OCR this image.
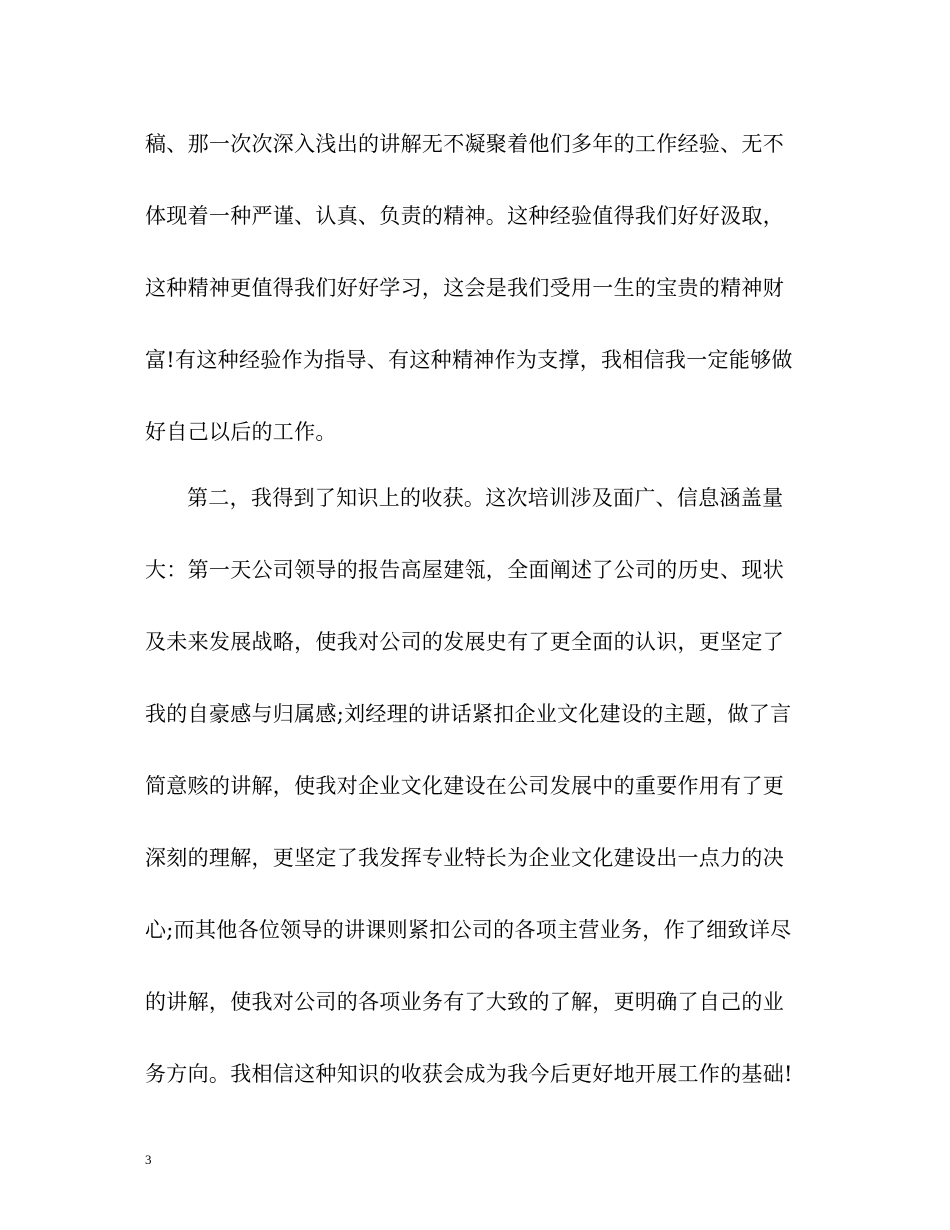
稿、那一次次深入浅出的讲解无不凝聚着他们多年的工作经验、无不
体现着一种严谨、认真、负责的精神。这种经验值得我们好好汲取，
这种精神更值得我们好好学习，这会是我们受用一生的宝贵的精神财
富!有这种经验作为指导、有这种精神作为支撑，我相信我一定能够做
好自己以后的工作。
第二，我得到了知识上的收获。这次培训涉及面广、信息涵盖量
大：第一天公司领导的报告高屋建瓴，全面阐述了公司的历史、现状
及未来发展战略，使我对公司的发展史有了更全面的认识，更坚定了
我的自豪感与归属感;刘经理的讲话紧扣企业文化建设的主题，做了言
简意赅的讲解，使我对企业文化建设在公司发展中的重要作用有了更
深刻的理解，更坚定了我发挥专业特长为企业文化建设出一点力的决
心;而其他各位领导的讲课则紧扣公司的各项主营业务，作了细致详尽
的讲解，使我对公司的各项业务有了大致的了解，更明确了自己的业
务方向。我相信这种知识的收获会成为我今后更好地开展工作的基础!
3
